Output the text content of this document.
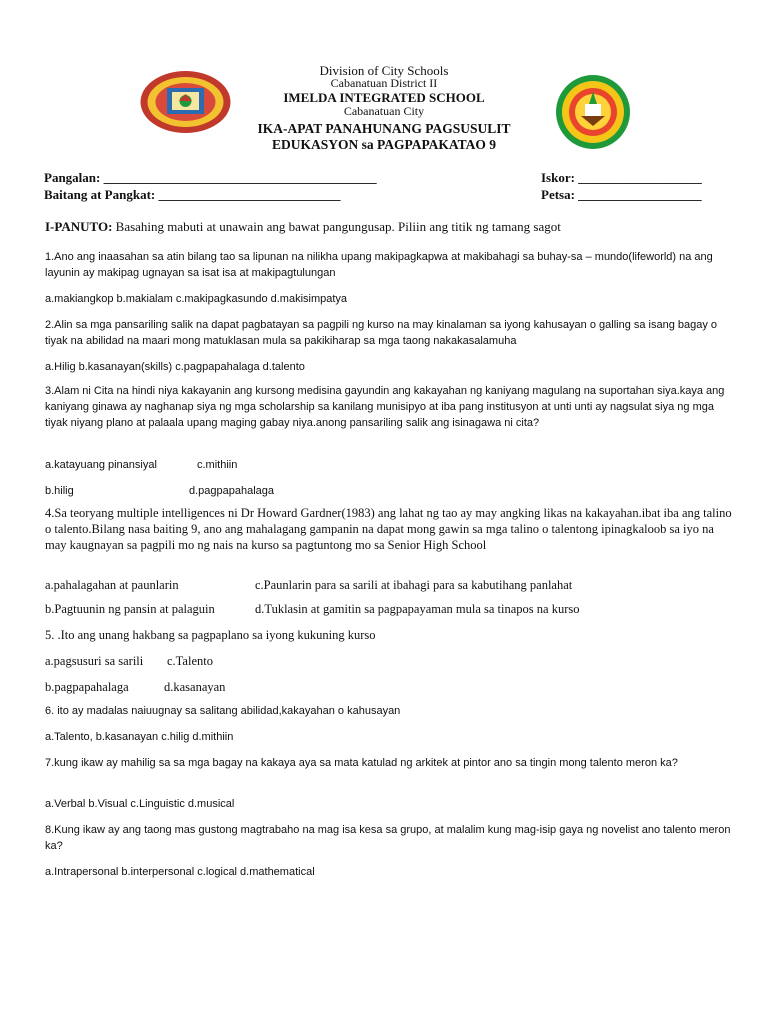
Division of City Schools
Cabanatuan District II
IMELDA INTEGRATED SCHOOL
Cabanatuan City
IKA-APAT PANAHUNANG PAGSUSULIT
EDUKASYON sa PAGPAPAKATAO 9
Pangalan: __________________________________________
Baitang at Pangkat: ____________________________
Iskor: ___________________
Petsa: ___________________
I-PANUTO: Basahing mabuti at unawain ang bawat pangungusap. Piliin ang titik ng tamang sagot

1.Ano ang inaasahan sa atin bilang tao sa lipunan na nilikha upang makipagkapwa at makibahagi sa buhay-sa – mundo(lifeworld) na ang layunin ay makipag ugnayan sa isat isa at makipagtulungan

a.makiangkop b.makialam c.makipagkasundo d.makisimpatya

2.Alin sa mga pansariling salik na dapat pagbatayan sa pagpili ng kurso na may kinalaman sa iyong kahusayan o galling sa isang bagay o tiyak na abilidad na maari mong matuklasan mula sa pakikiharap sa mga taong nakakasalamuha

a.Hilig b.kasanayan(skills) c.pagpapahalaga d.talento

3.Alam ni Cita na hindi niya kakayanin ang kursong medisina gayundin ang kakayahan ng kaniyang magulang na suportahan siya.kaya ang kaniyang ginawa ay naghanap siya ng mga scholarship sa kanilang munisipyo at iba pang institusyon at unti unti ay nagsulat siya ng mga tiyak niyang plano at palaala upang maging gabay niya.anong pansariling salik ang isinagawa ni cita?

a.katayuang pinansiyal	c.mithiin
b.hilig	d.pagpapahalaga

4.Sa teoryang multiple intelligences ni Dr Howard Gardner(1983) ang lahat ng tao ay may angking likas na kakayahan.ibat iba ang talino o talento.Bilang nasa baiting 9, ano ang mahalagang gampanin na dapat mong gawin sa mga talino o talentong ipinagkaloob sa iyo na may kaugnayan sa pagpili mo ng nais na kurso sa pagtuntong mo sa Senior High School

a.pahalagahan at paunlarin	c.Paunlarin para sa sarili at ibahagi para sa kabutihang panlahat
b.Pagtuunin ng pansin at palaguin	d.Tuklasin at gamitin sa pagpapayaman mula sa tinapos na kurso
5. .Ito ang unang hakbang sa pagpaplano sa iyong kukuning kurso
a.pagsusuri sa sarili c.Talento
b.pagpapahalaga	d.kasanayan
6. ito ay madalas naiuugnay sa salitang abilidad,kakayahan o kahusayan
a.Talento, b.kasanayan c.hilig d.mithiin

7.kung ikaw ay mahilig sa sa mga bagay na kakaya aya sa mata katulad ng arkitek at pintor ano sa tingin mong talento meron ka?

a.Verbal b.Visual c.Linguistic d.musical

8.Kung ikaw ay ang taong mas gustong magtrabaho na mag isa kesa sa grupo, at malalim kung mag-isip gaya ng novelist ano talento meron ka?

a.Intrapersonal b.interpersonal c.logical d.mathematical
